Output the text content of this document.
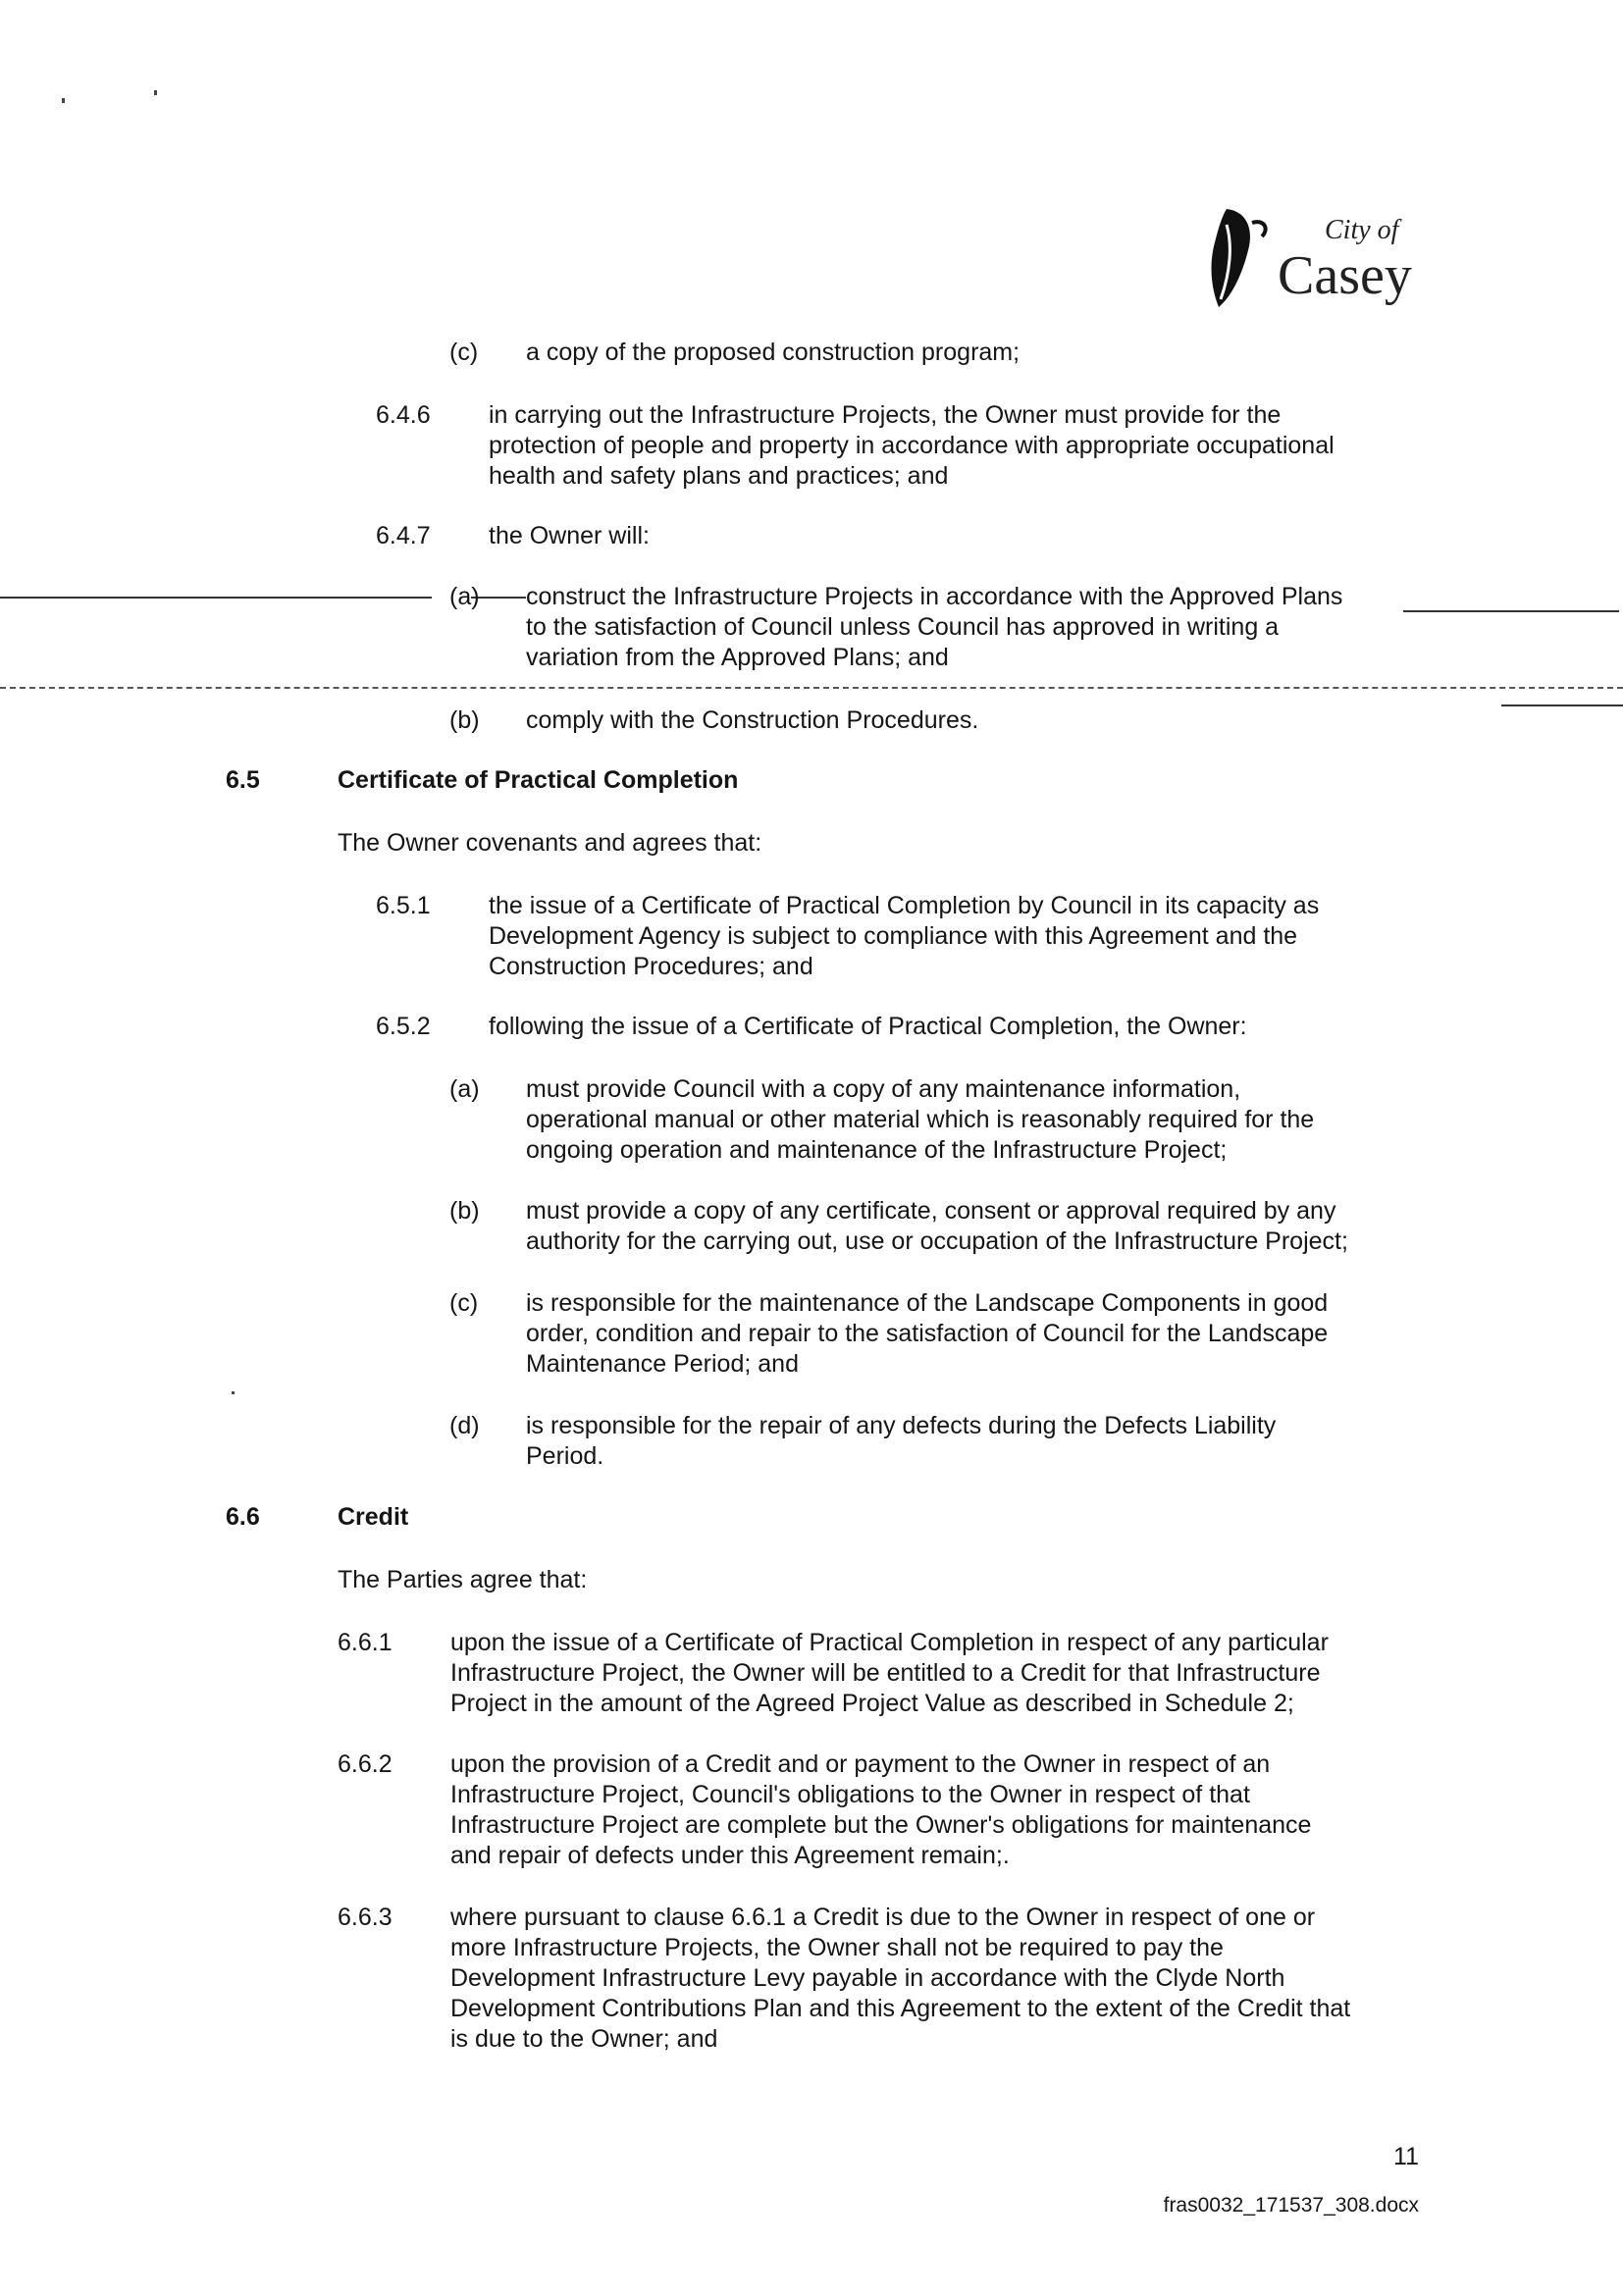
City of
Casey
(c) a copy of the proposed construction program;
6.4.6 in carrying out the Infrastructure Projects, the Owner must provide for the
protection of people and property in accordance with appropriate occupational
health and safety plans and practices; and
6.4.7 the Owner will:
(a) construct the Infrastructure Projects in accordance with the Approved Plans
to the satisfaction of Council unless Council has approved in writing a
variation from the Approved Plans; and
(b) comply with the Construction Procedures.
6.5	Certificate of Practical Completion
The Owner covenants and agrees that:
6.5.1 the issue of a Certificate of Practical Completion by Council in its capacity as
Development Agency is subject to compliance with this Agreement and the
Construction Procedures; and
6.5.2 following the issue of a Certificate of Practical Completion, the Owner:
(a) must provide Council with a copy of any maintenance information,
operational manual or other material which is reasonably required for the
ongoing operation and maintenance of the Infrastructure Project;
(b) must provide a copy of any certificate, consent or approval required by any
authority for the carrying out, use or occupation of the Infrastructure Project;
(c) is responsible for the maintenance of the Landscape Components in good
order, condition and repair to the satisfaction of Council for the Landscape
Maintenance Period; and
(d) is responsible for the repair of any defects during the Defects Liability
Period.
6.6	Credit
The Parties agree that:
6.6.1 upon the issue of a Certificate of Practical Completion in respect of any particular
Infrastructure Project, the Owner will be entitled to a Credit for that Infrastructure
Project in the amount of the Agreed Project Value as described in Schedule 2;
6.6.2 upon the provision of a Credit and or payment to the Owner in respect of an
Infrastructure Project, Council's obligations to the Owner in respect of that
Infrastructure Project are complete but the Owner's obligations for maintenance
and repair of defects under this Agreement remain;.
6.6.3 where pursuant to clause 6.6.1 a Credit is due to the Owner in respect of one or
more Infrastructure Projects, the Owner shall not be required to pay the
Development Infrastructure Levy payable in accordance with the Clyde North
Development Contributions Plan and this Agreement to the extent of the Credit that
is due to the Owner; and
11
fras0032_171537_308.docx
